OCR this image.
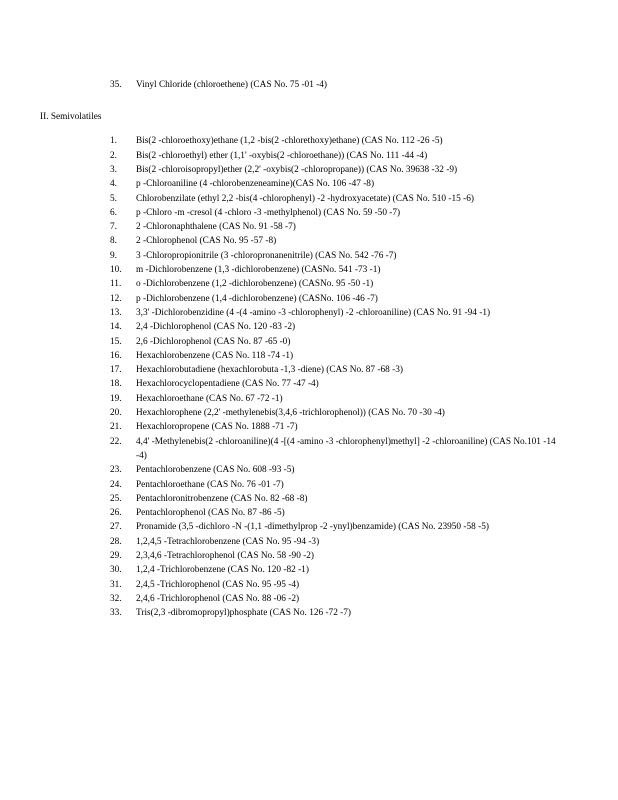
35.	Vinyl Chloride (chloroethene) (CAS No. 75 -01 -4)
II. Semivolatiles
1.	Bis(2 -chloroethoxy)ethane (1,2 -bis(2 -chlorethoxy)ethane) (CAS No. 112 -26 -5)
2.	Bis(2 -chloroethyl) ether (1,1' -oxybis(2 -chloroethane)) (CAS No. 111 -44 -4)
3.	Bis(2 -chloroisopropyl)ether (2,2' -oxybis(2 -chloropropane)) (CAS No. 39638 -32 -9)
4.	p -Chloroaniline (4 -chlorobenzeneamine)(CAS No. 106 -47 -8)
5.	Chlorobenzilate (ethyl 2,2 -bis(4 -chlorophenyl) -2 -hydroxyacetate) (CAS No. 510 -15 -6)
6.	p -Chloro -m -cresol (4 -chloro -3 -methylphenol) (CAS No. 59 -50 -7)
7.	2 -Chloronaphthalene (CAS No. 91 -58 -7)
8.	2 -Chlorophenol (CAS No. 95 -57 -8)
9.	3 -Chloropropionitrile (3 -chloropronanenitrile) (CAS No. 542 -76 -7)
10.	m -Dichlorobenzene (1,3 -dichlorobenzene) (CASNo. 541 -73 -1)
11.	o -Dichlorobenzene (1,2 -dichlorobenzene) (CASNo. 95 -50 -1)
12.	p -Dichlorobenzene (1,4 -dichlorobenzene) (CASNo. 106 -46 -7)
13.	3,3' -Dichlorobenzidine (4 -(4 -amino -3 -chlorophenyl) -2 -chloroaniline) (CAS No. 91 -94 -1)
14.	2,4 -Dichlorophenol (CAS No. 120 -83 -2)
15.	2,6 -Dichlorophenol (CAS No. 87 -65 -0)
16.	Hexachlorobenzene (CAS No. 118 -74 -1)
17.	Hexachlorobutadiene (hexachlorobuta -1,3 -diene) (CAS No. 87 -68 -3)
18.	Hexachlorocyclopentadiene (CAS No. 77 -47 -4)
19.	Hexachloroethane (CAS No. 67 -72 -1)
20.	Hexachlorophene (2,2' -methylenebis(3,4,6 -trichlorophenol)) (CAS No. 70 -30 -4)
21.	Hexachloropropene (CAS No. 1888 -71 -7)
22.	4,4' -Methylenebis(2 -chloroaniline)(4 -[(4 -amino -3 -chlorophenyl)methyl] -2 -chloroaniline) (CAS No.101 -14 -4)
23.	Pentachlorobenzene (CAS No. 608 -93 -5)
24.	Pentachloroethane (CAS No. 76 -01 -7)
25.	Pentachloronitrobenzene (CAS No. 82 -68 -8)
26.	Pentachlorophenol (CAS No. 87 -86 -5)
27.	Pronamide (3,5 -dichloro -N -(1,1 -dimethylprop -2 -ynyl)benzamide) (CAS No. 23950 -58 -5)
28.	1,2,4,5 -Tetrachlorobenzene (CAS No. 95 -94 -3)
29.	2,3,4,6 -Tetrachlorophenol (CAS No. 58 -90 -2)
30.	1,2,4 -Trichlorobenzene (CAS No. 120 -82 -1)
31.	2,4,5 -Trichlorophenol (CAS No. 95 -95 -4)
32.	2,4,6 -Trichlorophenol (CAS No. 88 -06 -2)
33.	Tris(2,3 -dibromopropyl)phosphate (CAS No. 126 -72 -7)
